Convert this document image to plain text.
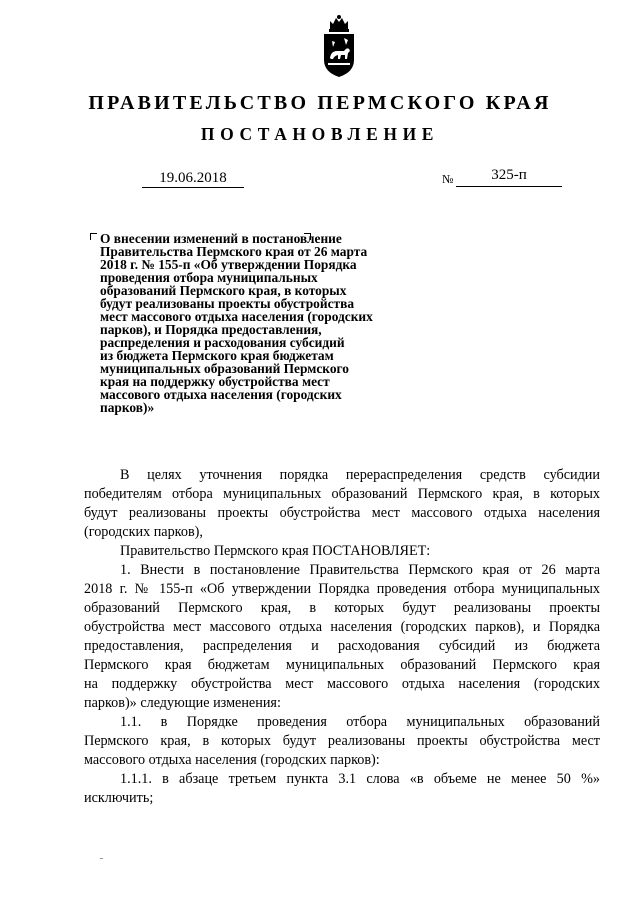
ПРАВИТЕЛЬСТВО ПЕРМСКОГО КРАЯ
ПОСТАНОВЛЕНИЕ
19.06.2018	№	325-п
О внесении изменений в постановление
Правительства Пермского края от 26 марта
2018 г. № 155-п «Об утверждении Порядка
проведения отбора муниципальных
образований Пермского края, в которых
будут реализованы проекты обустройства
мест массового отдыха населения (городских
парков), и Порядка предоставления,
распределения и расходования субсидий
из бюджета Пермского края бюджетам
муниципальных образований Пермского
края на поддержку обустройства мест
массового отдыха населения (городских
парков)»
В целях уточнения порядка перераспределения средств субсидии
победителям отбора муниципальных образований Пермского края, в которых
будут реализованы проекты обустройства мест массового отдыха населения
(городских парков),
Правительство Пермского края ПОСТАНОВЛЯЕТ:
1. Внести в постановление Правительства Пермского края от 26 марта
2018 г. № 155-п «Об утверждении Порядка проведения отбора муниципальных
образований Пермского края, в которых будут реализованы проекты
обустройства мест массового отдыха населения (городских парков), и Порядка
предоставления, распределения и расходования субсидий из бюджета
Пермского края бюджетам муниципальных образований Пермского края
на поддержку обустройства мест массового отдыха населения (городских
парков)» следующие изменения:
1.1. в Порядке проведения отбора муниципальных образований
Пермского края, в которых будут реализованы проекты обустройства мест
массового отдыха населения (городских парков):
1.1.1. в абзаце третьем пункта 3.1 слова «в объеме не менее 50 %»
исключить;
